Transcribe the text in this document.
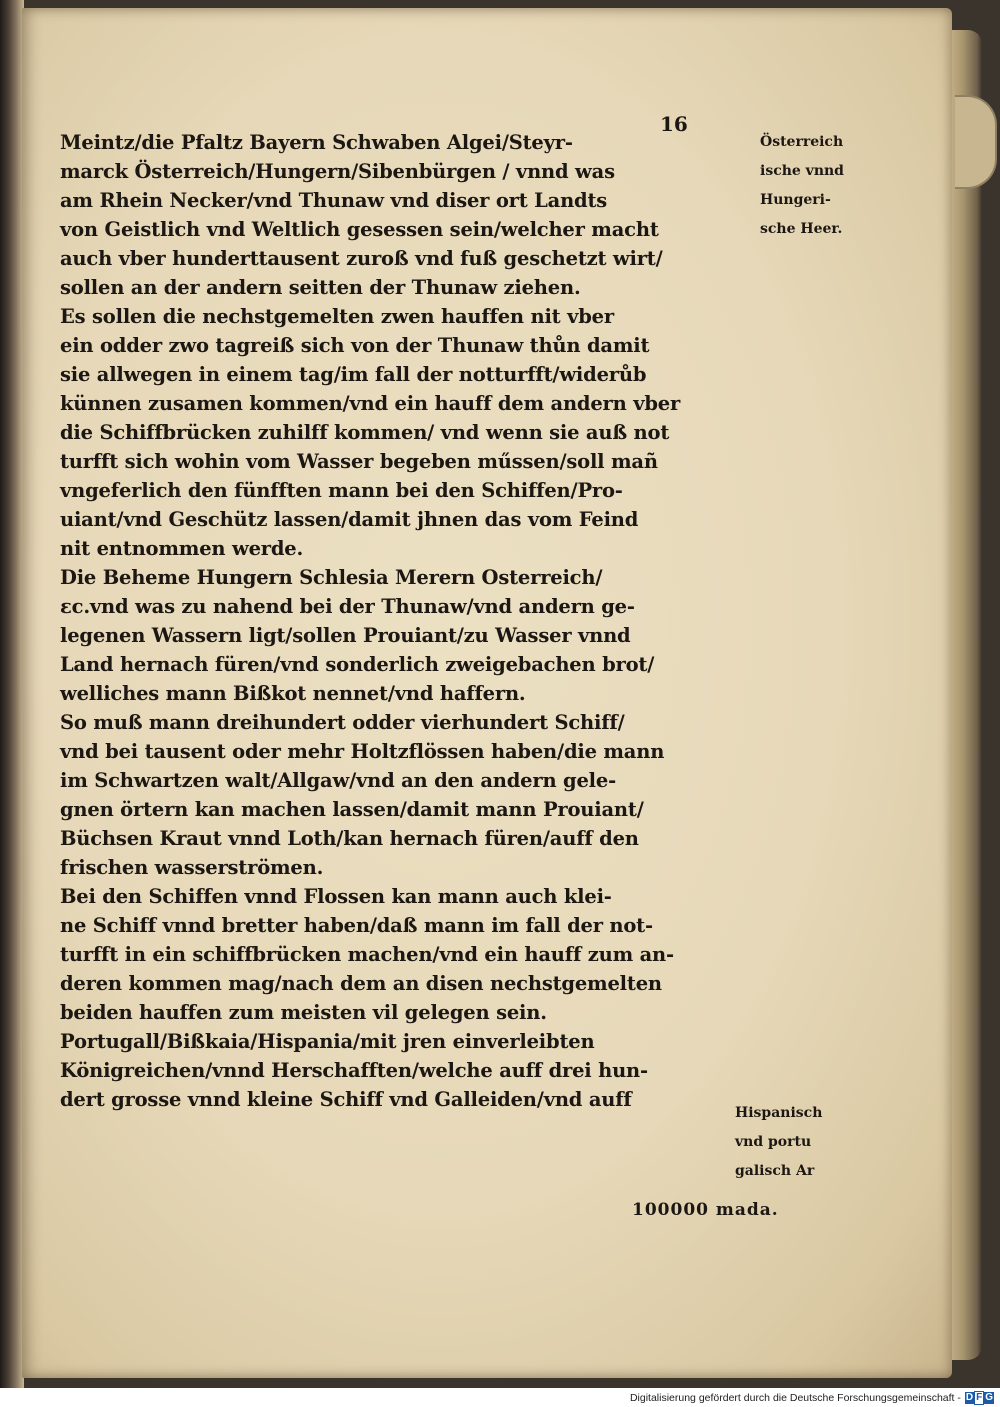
16
Meintz/die Pfaltz Bayern Schwaben Algei/Steyr-
marck Österreich/Hungern/Sibenbürgen / vnnd was
am Rhein Necker/vnd Thunaw vnd diser ort Landts
von Geistlich vnd Weltlich gesessen sein/welcher macht
auch vber hunderttausent zuroß vnd fuß geschetzt wirt/
sollen an der andern seitten der Thunaw ziehen.
Es sollen die nechstgemelten zwen hauffen nit vber
ein odder zwo tagreiß sich von der Thunaw thůn damit
sie allwegen in einem tag/im fall der notturfft/widerůb
künnen zusamen kommen/vnd ein hauff dem andern vber
die Schiffbrücken zuhilff kommen/ vnd wenn sie auß not
turfft sich wohin vom Wasser begeben műssen/soll mañ
vngeferlich den fünfften mann bei den Schiffen/Pro-
uiant/vnd Geschütz lassen/damit jhnen das vom Feind
nit entnommen werde.
Die Beheme Hungern Schlesia Merern Osterreich/
ɛc.vnd was zu nahend bei der Thunaw/vnd andern ge-
legenen Wassern ligt/sollen Prouiant/zu Wasser vnnd
Land hernach füren/vnd sonderlich zweigebachen brot/
welliches mann Bißkot nennet/vnd haffern.
So muß mann dreihundert odder vierhundert Schiff/
vnd bei tausent oder mehr Holtzflössen haben/die mann
im Schwartzen walt/Allgaw/vnd an den andern gele-
gnen örtern kan machen lassen/damit mann Prouiant/
Büchsen Kraut vnnd Loth/kan hernach füren/auff den
frischen wasserströmen.
Bei den Schiffen vnnd Flossen kan mann auch klei-
ne Schiff vnnd bretter haben/daß mann im fall der not-
turfft in ein schiffbrücken machen/vnd ein hauff zum an-
deren kommen mag/nach dem an disen nechstgemelten
beiden hauffen zum meisten vil gelegen sein.
Portugall/Bißkaia/Hispania/mit jren einverleibten
Königreichen/vnnd Herschafften/welche auff drei hun-
dert grosse vnnd kleine Schiff vnd Galleiden/vnd auff
Österreich
ische vnnd
Hungeri-
sche Heer.
Hispanisch
vnd portu
galisch Ar
100000 mada.
Digitalisierung gefördert durch die Deutsche Forschungsgemeinschaft - D F G
